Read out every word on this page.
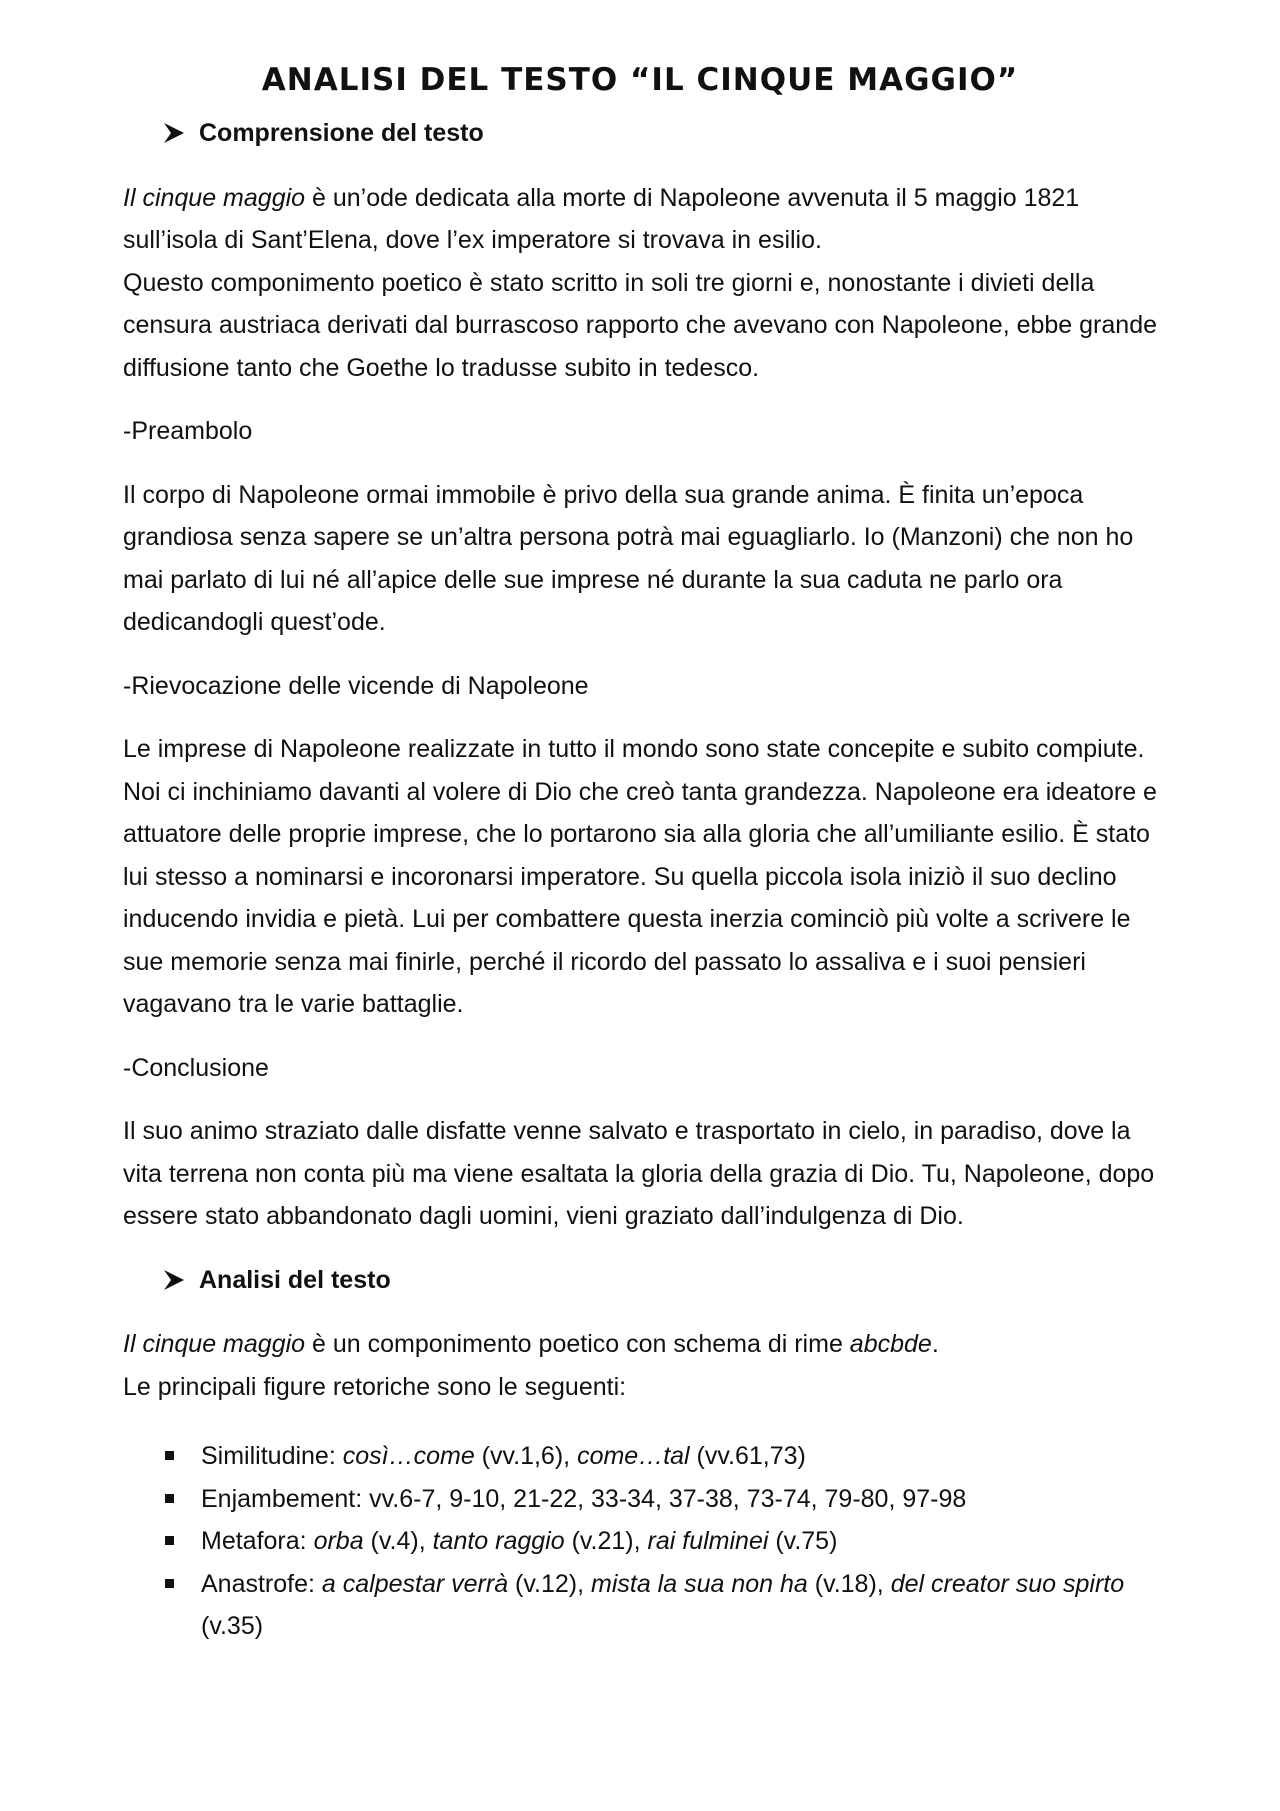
ANALISI DEL TESTO “IL CINQUE MAGGIO”
Comprensione del testo

Il cinque maggio è un’ode dedicata alla morte di Napoleone avvenuta il 5 maggio 1821 sull’isola di Sant’Elena, dove l’ex imperatore si trovava in esilio.

Questo componimento poetico è stato scritto in soli tre giorni e, nonostante i divieti della censura austriaca derivati dal burrascoso rapporto che avevano con Napoleone, ebbe grande diffusione tanto che Goethe lo tradusse subito in tedesco.

-Preambolo

Il corpo di Napoleone ormai immobile è privo della sua grande anima. È finita un’epoca grandiosa senza sapere se un’altra persona potrà mai eguagliarlo. Io (Manzoni) che non ho mai parlato di lui né all’apice delle sue imprese né durante la sua caduta ne parlo ora dedicandogli quest’ode.

-Rievocazione delle vicende di Napoleone

Le imprese di Napoleone realizzate in tutto il mondo sono state concepite e subito compiute. Noi ci inchiniamo davanti al volere di Dio che creò tanta grandezza. Napoleone era ideatore e attuatore delle proprie imprese, che lo portarono sia alla gloria che all’umiliante esilio. È stato lui stesso a nominarsi e incoronarsi imperatore. Su quella piccola isola iniziò il suo declino inducendo invidia e pietà. Lui per combattere questa inerzia cominciò più volte a scrivere le sue memorie senza mai finirle, perché il ricordo del passato lo assaliva e i suoi pensieri vagavano tra le varie battaglie.

-Conclusione

Il suo animo straziato dalle disfatte venne salvato e trasportato in cielo, in paradiso, dove la vita terrena non conta più ma viene esaltata la gloria della grazia di Dio. Tu, Napoleone, dopo essere stato abbandonato dagli uomini, vieni graziato dall’indulgenza di Dio.

Analisi del testo

Il cinque maggio è un componimento poetico con schema di rime abcbde.

Le principali figure retoriche sono le seguenti:

Similitudine: così…come (vv.1,6), come…tal (vv.61,73)
Enjambement: vv.6-7, 9-10, 21-22, 33-34, 37-38, 73-74, 79-80, 97-98
Metafora: orba (v.4), tanto raggio (v.21), rai fulminei (v.75)
Anastrofe: a calpestar verrà (v.12), mista la sua non ha (v.18), del creator suo spirto (v.35)
